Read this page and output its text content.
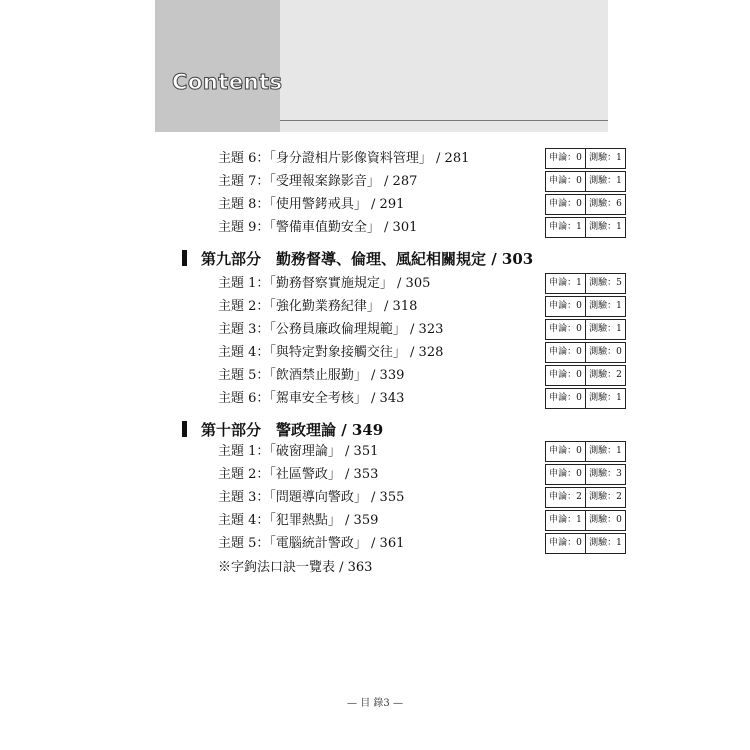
Contents
主題 6：「身分證相片影像資料管理」 / 281	申論：0 測驗：1
主題 7：「受理報案錄影音」 / 287	申論：0 測驗：1
主題 8：「使用警銬戒具」 / 291	申論：0 測驗：6
主題 9：「警備車值勤安全」 / 301	申論：1 測驗：1
第九部分　勤務督導、倫理、風紀相關規定 / 303
主題 1：「勤務督察實施規定」 / 305	申論：1 測驗：5
主題 2：「強化勤業務紀律」 / 318	申論：0 測驗：1
主題 3：「公務員廉政倫理規範」 / 323	申論：0 測驗：1
主題 4：「與特定對象接觸交往」 / 328	申論：0 測驗：0
主題 5：「飲酒禁止服勤」 / 339	申論：0 測驗：2
主題 6：「駕車安全考核」 / 343	申論：0 測驗：1
第十部分　警政理論 / 349
主題 1：「破窗理論」 / 351	申論：0 測驗：1
主題 2：「社區警政」 / 353	申論：0 測驗：3
主題 3：「問題導向警政」 / 355	申論：2 測驗：2
主題 4：「犯罪熱點」 / 359	申論：1 測驗：0
主題 5：「電腦統計警政」 / 361	申論：0 測驗：1
※字鉤法口訣一覽表 / 363
— 目 錄3 —
